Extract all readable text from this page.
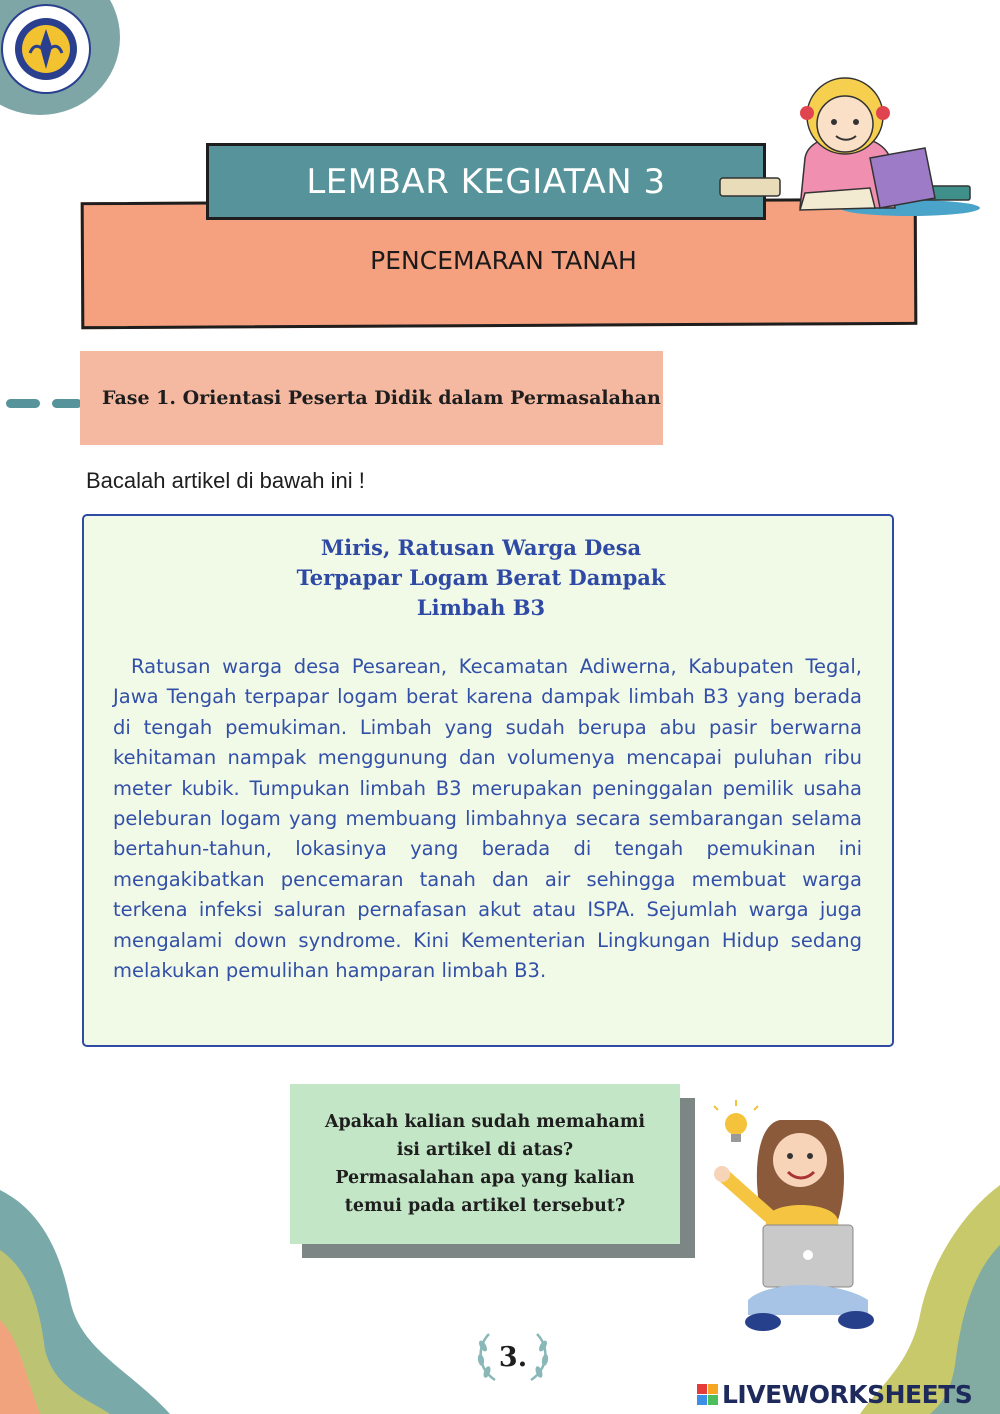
LEMBAR KEGIATAN 3
PENCEMARAN TANAH
Fase 1. Orientasi Peserta Didik dalam Permasalahan
Bacalah artikel di bawah ini !
Miris, Ratusan Warga Desa
Terpapar Logam Berat Dampak
Limbah B3
Ratusan warga desa Pesarean, Kecamatan Adiwerna, Kabupaten Tegal, Jawa Tengah terpapar logam berat karena dampak limbah B3 yang berada di tengah pemukiman. Limbah yang sudah berupa abu pasir berwarna kehitaman nampak menggunung dan volumenya mencapai puluhan ribu meter kubik. Tumpukan limbah B3 merupakan peninggalan pemilik usaha peleburan logam yang membuang limbahnya secara sembarangan selama bertahun-tahun, lokasinya yang berada di tengah pemukinan ini mengakibatkan pencemaran tanah dan air sehingga membuat warga terkena infeksi saluran pernafasan akut atau ISPA. Sejumlah warga juga mengalami down syndrome. Kini Kementerian Lingkungan Hidup sedang melakukan pemulihan hamparan limbah B3.
Apakah kalian sudah memahami
isi artikel di atas?
Permasalahan apa yang kalian
temui pada artikel tersebut?
3.
LIVEWORKSHEETS
